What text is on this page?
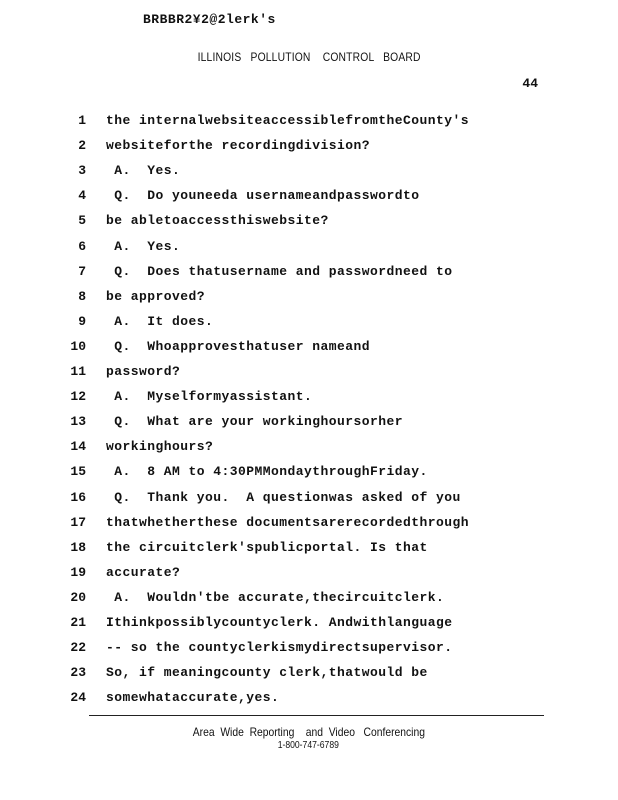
BRBBR2¥2@2lerk's
ILLINOIS   POLLUTION    CONTROL   BOARD
44
1 the internalwebsiteaccessiblefromtheCounty's
2 websiteforthe recordingdivision?
3 A.  Yes.
4 Q.  Do youneeda usernameandpasswordto
5 be abletoaccessthiswebsite?
6 A.  Yes.
7 Q.  Does thatusername and passwordneed to
8 be approved?
9 A.  It does.
10 Q.  Whoapprovesthatuser nameand
11 password?
12 A.  Myselformyassistant.
13 Q.  What are your workinghoursorher
14 workinghours?
15 A.  8 AM to 4:30PMMondaythroughFriday.
16 Q.  Thank you.  A questionwas asked of you
17 thatwhetherthese documentsarerecordedthrough
18 the circuitclerk'spublicportal. Is that
19 accurate?
20 A.  Wouldn'tbe accurate,thecircuitclerk.
21 Ithinkpossiblycountyclerk. Andwithlanguage
22 -- so the countyclerkismydirectsupervisor.
23 So, if meaningcounty clerk,thatwould be
24 somewhataccurate,yes.
Area  Wide  Reporting    and  Video   Conferencing
1-800-747-6789
